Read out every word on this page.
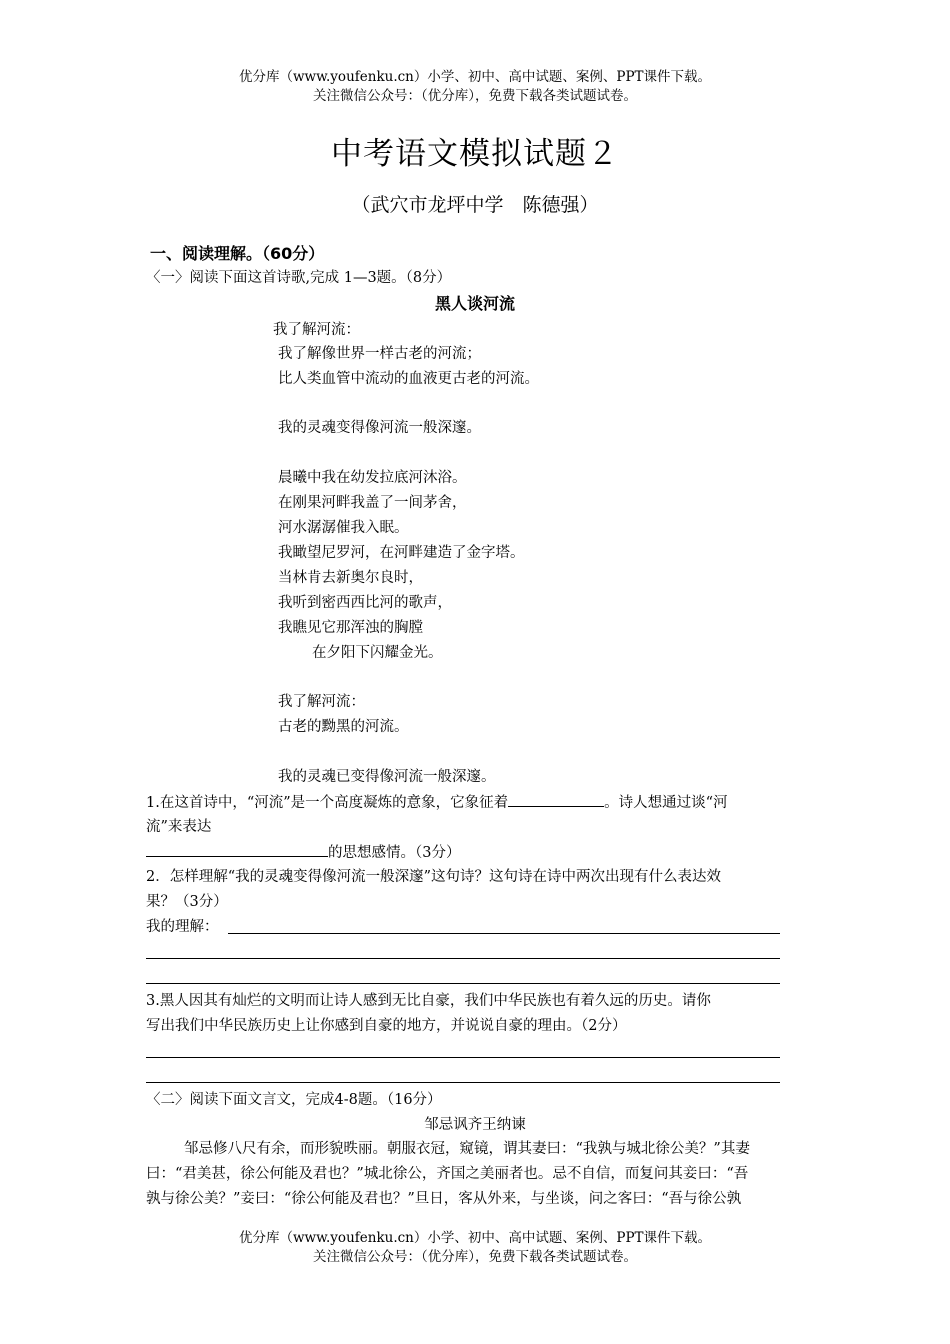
优分库（www.youfenku.cn）小学、初中、高中试题、案例、PPT课件下载。
关注微信公众号：（优分库），免费下载各类试题试卷。
中考语文模拟试题２
（武穴市龙坪中学　陈德强）
一、阅读理解。（60分）
〈一〉阅读下面这首诗歌,完成 1—3题。（8分）
黑人谈河流
我了解河流：
我了解像世界一样古老的河流；
比人类血管中流动的血液更古老的河流。
我的灵魂变得像河流一般深邃。
晨曦中我在幼发拉底河沐浴。
在刚果河畔我盖了一间茅舍，
河水潺潺催我入眠。
我瞰望尼罗河，在河畔建造了金字塔。
当林肯去新奥尔良时，
我听到密西西比河的歌声，
我瞧见它那浑浊的胸膛
在夕阳下闪耀金光。
我了解河流：
古老的黝黑的河流。
我的灵魂已变得像河流一般深邃。
1.在这首诗中，“河流”是一个高度凝炼的意象，它象征着	。诗人想通过谈“河
流”来表达
的思想感情。（3分）
2．怎样理解“我的灵魂变得像河流一般深邃”这句诗？这句诗在诗中两次出现有什么表达效
果？（3分）
我的理解：
3.黑人因其有灿烂的文明而让诗人感到无比自豪，我们中华民族也有着久远的历史。请你
写出我们中华民族历史上让你感到自豪的地方，并说说自豪的理由。（2分）
〈二〉阅读下面文言文，完成4-8题。（16分）
邹忌讽齐王纳谏
邹忌修八尺有余，而形貌昳丽。朝服衣冠，窥镜，谓其妻曰：“我孰与城北徐公美？”其妻
曰：“君美甚，徐公何能及君也？”城北徐公，齐国之美丽者也。忌不自信，而复问其妾曰：“吾
孰与徐公美？”妾曰：“徐公何能及君也？”旦日，客从外来，与坐谈，问之客曰：“吾与徐公孰
优分库（www.youfenku.cn）小学、初中、高中试题、案例、PPT课件下载。
关注微信公众号：（优分库），免费下载各类试题试卷。
